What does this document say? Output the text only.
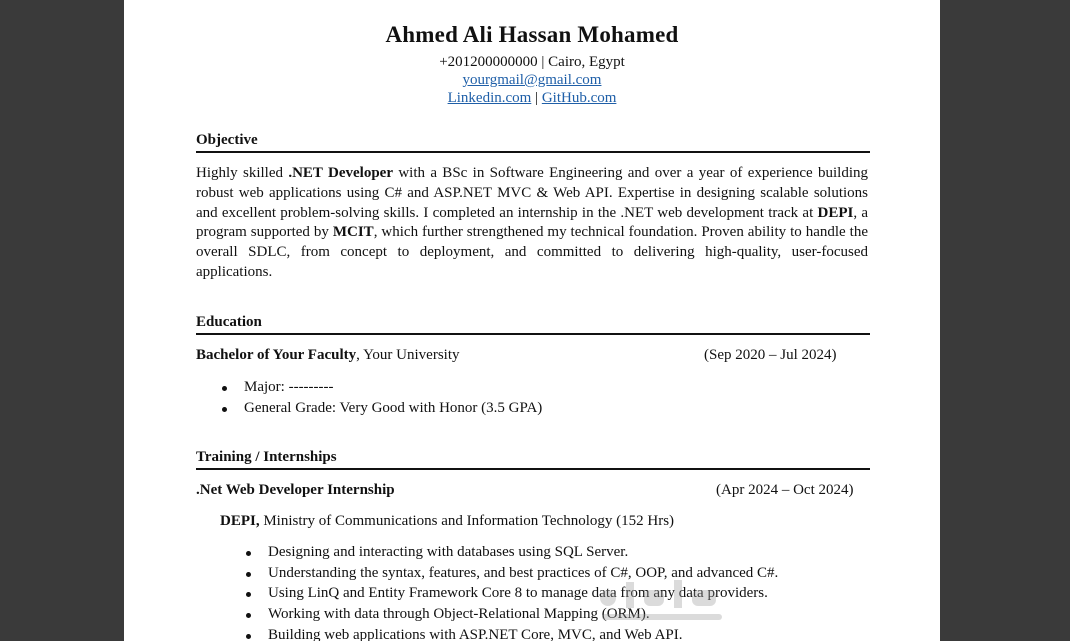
Ahmed Ali Hassan Mohamed
+201200000000 | Cairo, Egypt
yourgmail@gmail.com
Linkedin.com | GitHub.com
Objective
Highly skilled .NET Developer with a BSc in Software Engineering and over a year of experience building robust web applications using C# and ASP.NET MVC & Web API. Expertise in designing scalable solutions and excellent problem-solving skills. I completed an internship in the .NET web development track at DEPI, a program supported by MCIT, which further strengthened my technical foundation. Proven ability to handle the overall SDLC, from concept to deployment, and committed to delivering high-quality, user-focused applications.
Education
Bachelor of Your Faculty, Your University	(Sep 2020 – Jul 2024)
Major: ---------
General Grade: Very Good with Honor (3.5 GPA)
Training / Internships
.Net Web Developer Internship	(Apr 2024 – Oct 2024)
DEPI, Ministry of Communications and Information Technology (152 Hrs)
Designing and interacting with databases using SQL Server.
Understanding the syntax, features, and best practices of C#, OOP, and advanced C#.
Using LinQ and Entity Framework Core 8 to manage data from any data providers.
Working with data through Object-Relational Mapping (ORM).
Building web applications with ASP.NET Core, MVC, and Web API.
